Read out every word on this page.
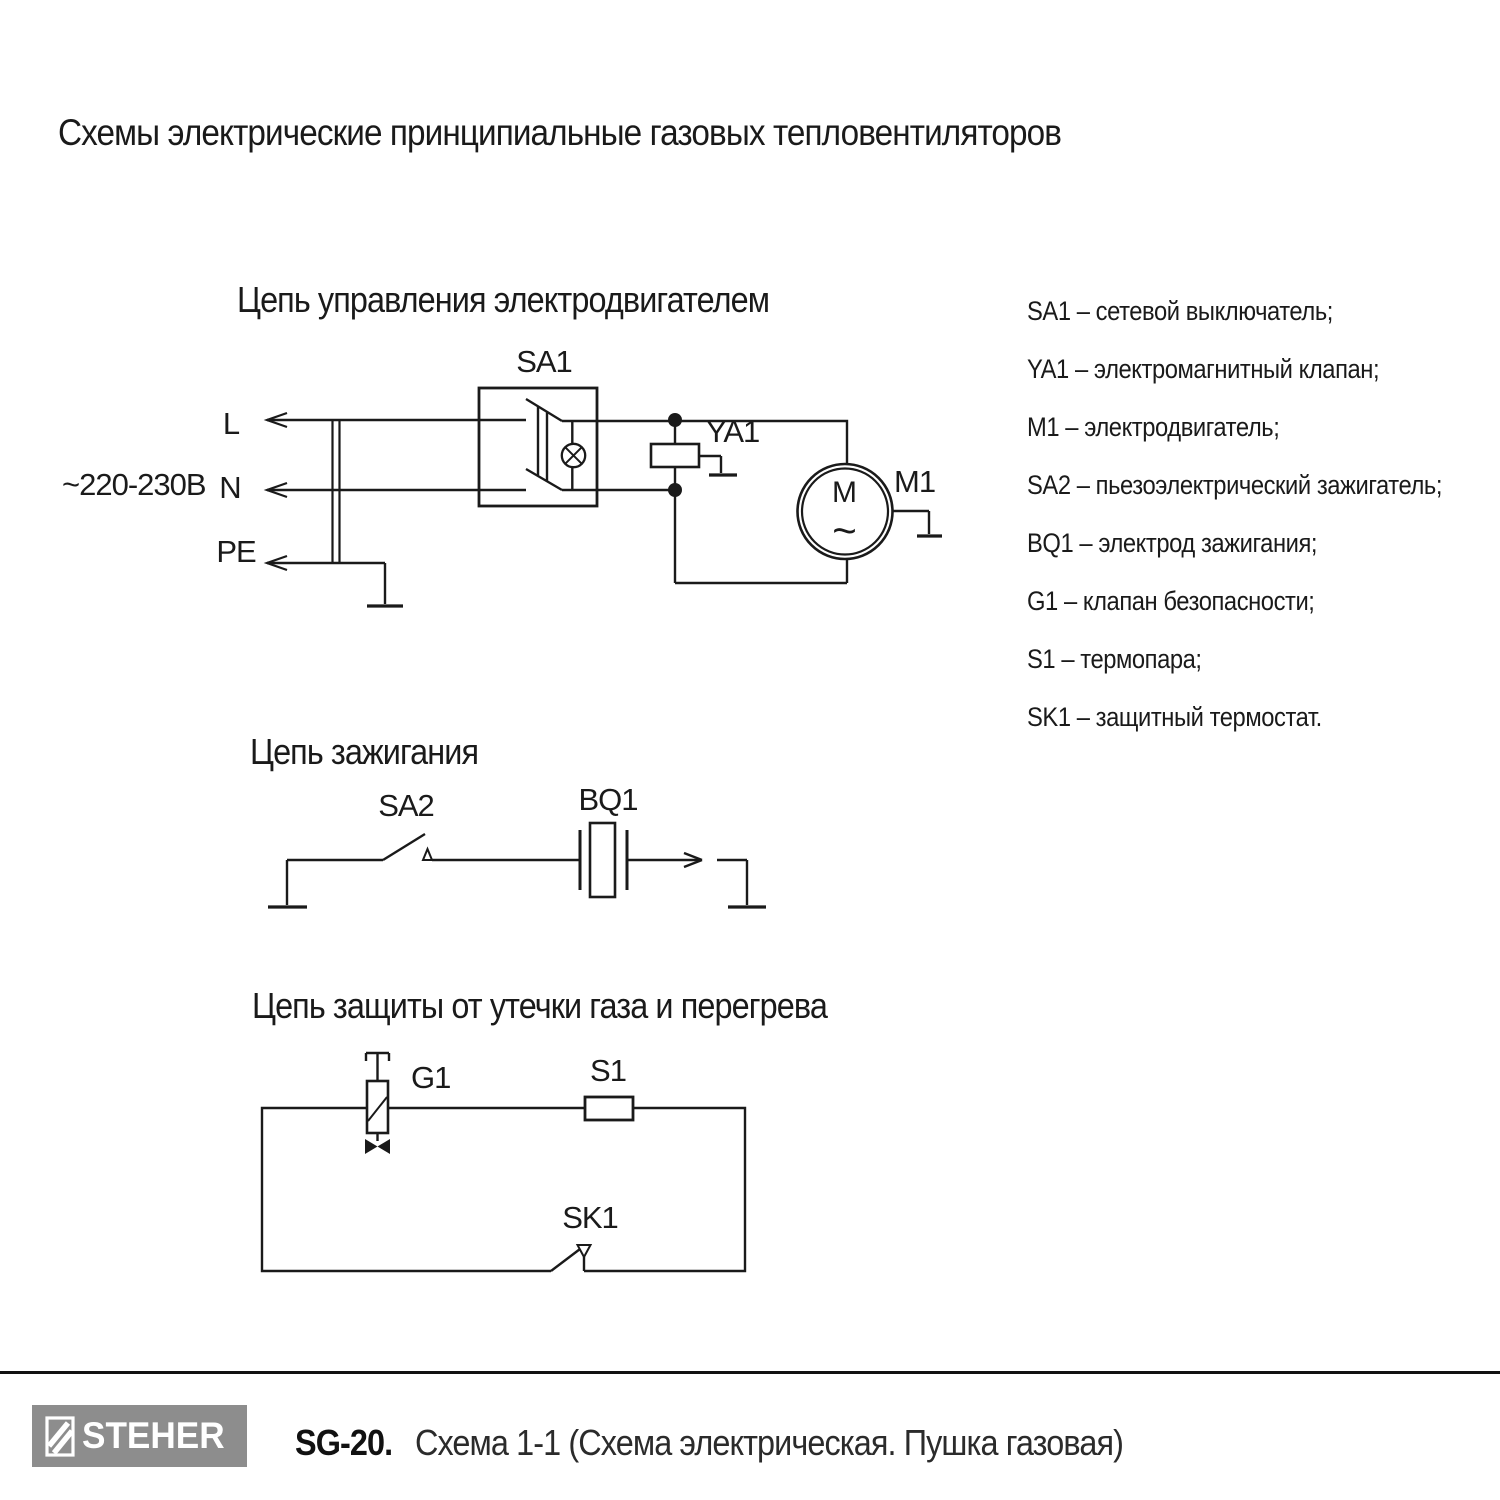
Схемы электрические принципиальные газовых тепловентиляторов
Цепь управления электродвигателем
~220-230В
L
N
PE
SA1
YA1
M1
M
~
SA1 – сетевой выключатель;
YA1 – электромагнитный клапан;
M1 – электродвигатель;
SA2 – пьезоэлектрический зажигатель;
BQ1 – электрод зажигания;
G1 – клапан безопасности;
S1 – термопара;
SK1 – защитный термостат.
Цепь зажигания
SA2	BQ1
Цепь защиты от утечки газа и перегрева
G1	S1
SK1
STEHER SG-20. Схема 1-1 (Схема электрическая. Пушка газовая)
